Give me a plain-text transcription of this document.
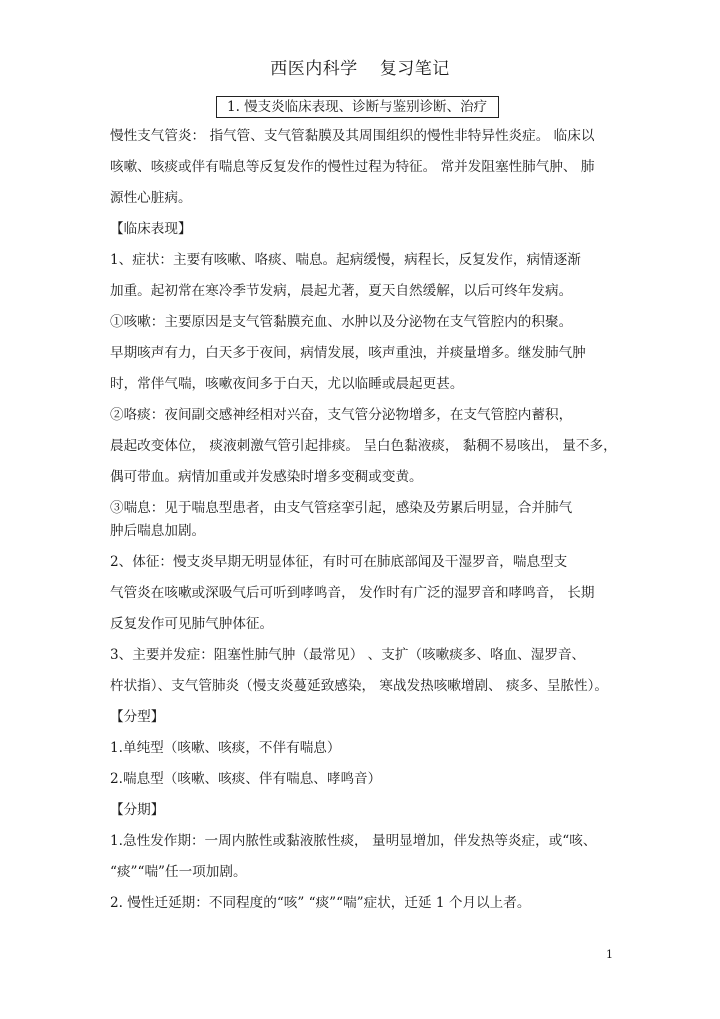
西医内科学 复习笔记
1. 慢支炎临床表现、诊断与鉴别诊断、治疗
慢性支气管炎： 指气管、支气管黏膜及其周围组织的慢性非特异性炎症。 临床以
咳嗽、咳痰或伴有喘息等反复发作的慢性过程为特征。 常并发阻塞性肺气肿、 肺
源性心脏病。
【临床表现】
1、症状：主要有咳嗽、咯痰、喘息。起病缓慢，病程长，反复发作，病情逐渐
加重。起初常在寒冷季节发病，晨起尤著，夏天自然缓解，以后可终年发病。
①咳嗽：主要原因是支气管黏膜充血、水肿以及分泌物在支气管腔内的积聚。
早期咳声有力，白天多于夜间，病情发展，咳声重浊，并痰量增多。继发肺气肿
时，常伴气喘，咳嗽夜间多于白天，尤以临睡或晨起更甚。
②咯痰：夜间副交感神经相对兴奋，支气管分泌物增多，在支气管腔内蓄积，
晨起改变体位， 痰液刺激气管引起排痰。 呈白色黏液痰， 黏稠不易咳出， 量不多，
偶可带血。病情加重或并发感染时增多变稠或变黄。
③喘息：见于喘息型患者，由支气管痉挛引起，感染及劳累后明显，合并肺气
肿后喘息加剧。
2、体征：慢支炎早期无明显体征，有时可在肺底部闻及干湿罗音，喘息型支
气管炎在咳嗽或深吸气后可听到哮鸣音， 发作时有广泛的湿罗音和哮鸣音， 长期
反复发作可见肺气肿体征。
3、主要并发症：阻塞性肺气肿（最常见） 、支扩（咳嗽痰多、咯血、湿罗音、
杵状指）、支气管肺炎（慢支炎蔓延致感染， 寒战发热咳嗽增剧、 痰多、呈脓性）。
【分型】
1.单纯型（咳嗽、咳痰，不伴有喘息）
2.喘息型（咳嗽、咳痰、伴有喘息、哮鸣音）
【分期】
1.急性发作期：一周内脓性或黏液脓性痰， 量明显增加，伴发热等炎症，或“咳、
“痰”“喘”任一项加剧。
2. 慢性迁延期：不同程度的“咳” “痰”“喘”症状，迁延 1 个月以上者。
1
